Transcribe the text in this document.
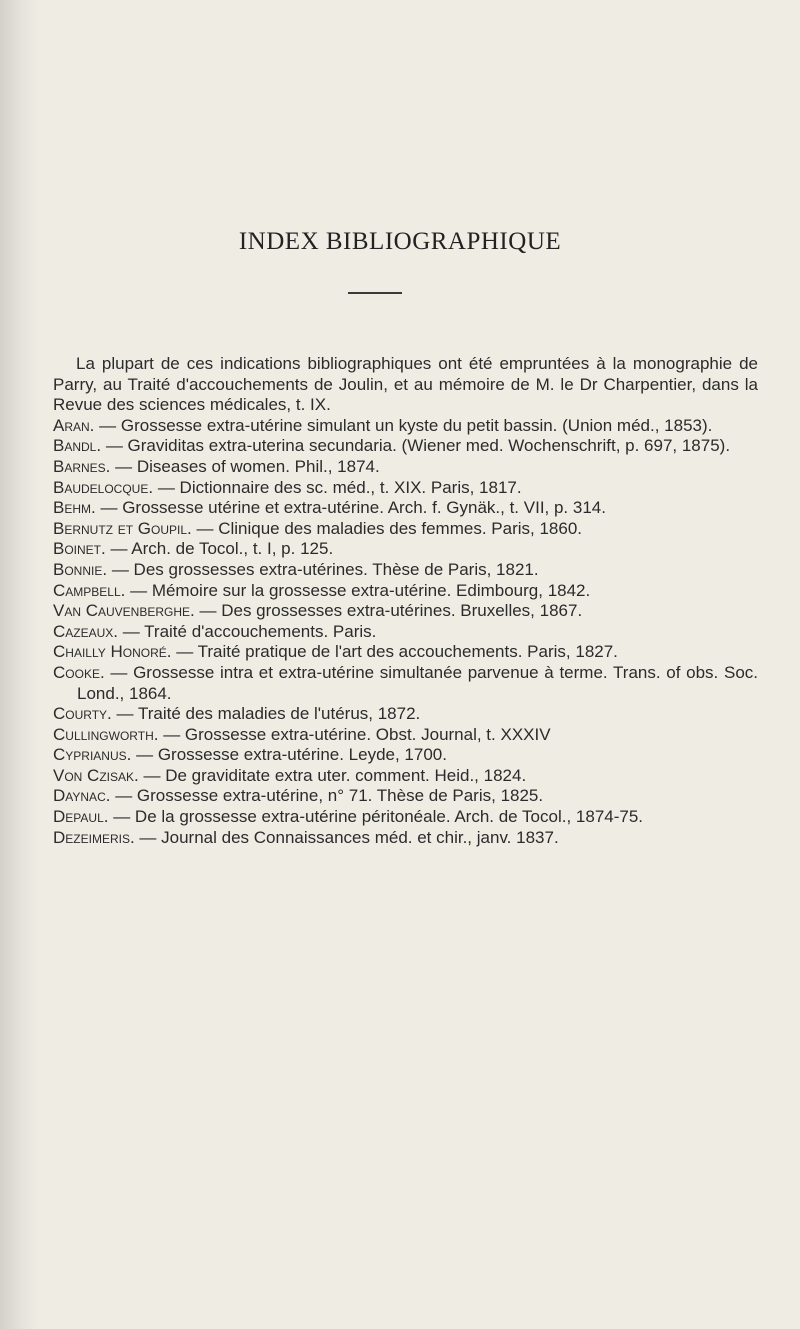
INDEX BIBLIOGRAPHIQUE

La plupart de ces indications bibliographiques ont été empruntées à la monographie de Parry, au Traité d'accouchements de Joulin, et au mémoire de M. le Dr Charpentier, dans la Revue des sciences médicales, t. IX.

Aran. — Grossesse extra-utérine simulant un kyste du petit bassin. (Union méd., 1853).

Bandl. — Graviditas extra-uterina secundaria. (Wiener med. Wochenschrift, p. 697, 1875).

Barnes. — Diseases of women. Phil., 1874.

Baudelocque. — Dictionnaire des sc. méd., t. XIX. Paris, 1817.

Behm. — Grossesse utérine et extra-utérine. Arch. f. Gynäk., t. VII, p. 314.

Bernutz et Goupil. — Clinique des maladies des femmes. Paris, 1860.

Boinet. — Arch. de Tocol., t. I, p. 125.

Bonnie. — Des grossesses extra-utérines. Thèse de Paris, 1821.

Campbell. — Mémoire sur la grossesse extra-utérine. Edimbourg, 1842.

Van Cauvenberghe. — Des grossesses extra-utérines. Bruxelles, 1867.

Cazeaux. — Traité d'accouchements. Paris.

Chailly Honoré. — Traité pratique de l'art des accouchements. Paris, 1827.

Cooke. — Grossesse intra et extra-utérine simultanée parvenue à terme. Trans. of obs. Soc. Lond., 1864.

Courty. — Traité des maladies de l'utérus, 1872.

Cullingworth. — Grossesse extra-utérine. Obst. Journal, t. XXXIV

Cyprianus. — Grossesse extra-utérine. Leyde, 1700.

Von Czisak. — De graviditate extra uter. comment. Heid., 1824.

Daynac. — Grossesse extra-utérine, n° 71. Thèse de Paris, 1825.

Depaul. — De la grossesse extra-utérine péritonéale. Arch. de Tocol., 1874-75.

Dezeimeris. — Journal des Connaissances méd. et chir., janv. 1837.
